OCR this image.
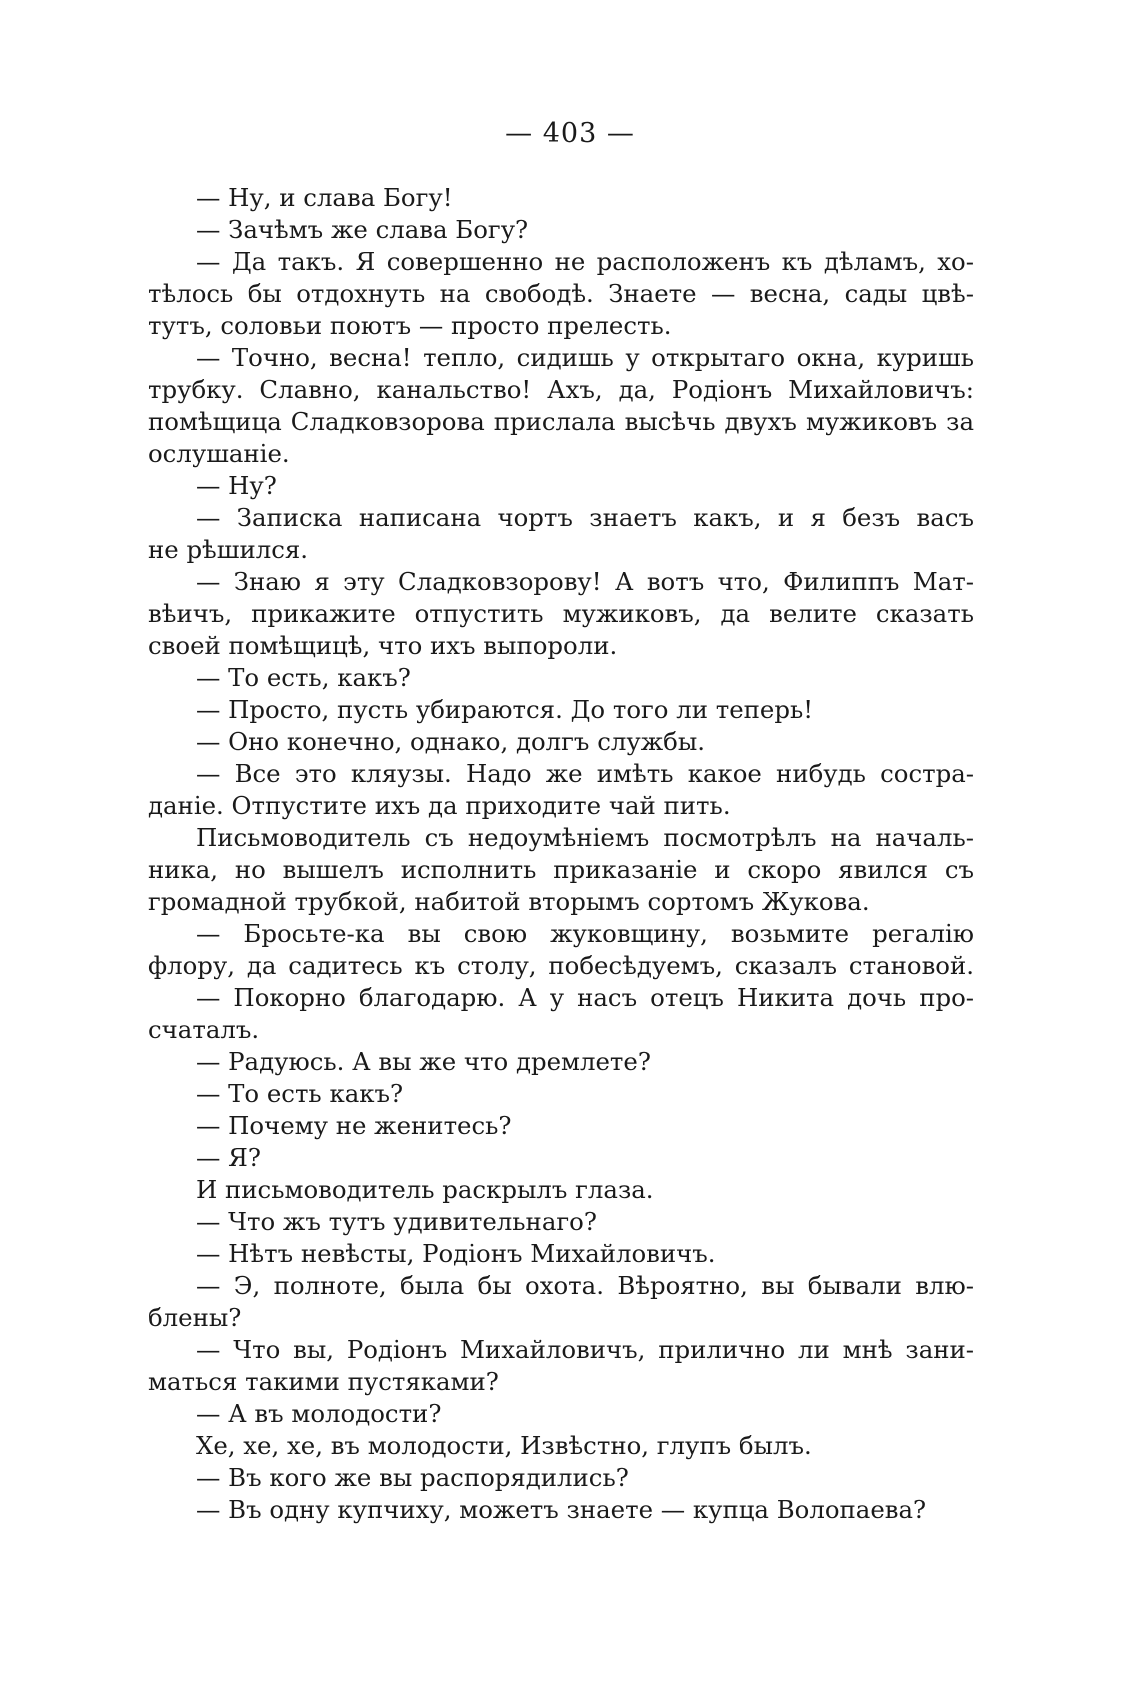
— 403 —
— Ну, и слава Богу!
— Зачѣмъ же слава Богу?
— Да такъ. Я совершенно не расположенъ къ дѣламъ, хо-
тѣлось бы отдохнуть на свободѣ. Знаете — весна, сады цвѣ-
тутъ, соловьи поютъ — просто прелесть.
— Точно, весна! тепло, сидишь у открытаго окна, куришь
трубку. Славно, канальство! Ахъ, да, Родіонъ Михайловичъ:
помѣщица Сладковзорова прислала высѣчь двухъ мужиковъ за
ослушаніе.
— Ну?
— Записка написана чортъ знаетъ какъ, и я безъ васъ
не рѣшился.
— Знаю я эту Сладковзорову! А вотъ что, Филиппъ Мат-
вѣичъ, прикажите отпустить мужиковъ, да велите сказать
своей помѣщицѣ, что ихъ выпороли.
— То есть, какъ?
— Просто, пусть убираются. До того ли теперь!
— Оно конечно, однако, долгъ службы.
— Все это кляузы. Надо же имѣть какое нибудь состра-
даніе. Отпустите ихъ да приходите чай пить.
Письмоводитель съ недоумѣніемъ посмотрѣлъ на началь-
ника, но вышелъ исполнить приказаніе и скоро явился съ
громадной трубкой, набитой вторымъ сортомъ Жукова.
— Бросьте-ка вы свою жуковщину, возьмите регалію
флору, да садитесь къ столу, побесѣдуемъ, сказалъ становой.
— Покорно благодарю. А у насъ отецъ Никита дочь про-
счаталъ.
— Радуюсь. А вы же что дремлете?
— То есть какъ?
— Почему не женитесь?
— Я?
И письмоводитель раскрылъ глаза.
— Что жъ тутъ удивительнаго?
— Нѣтъ невѣсты, Родіонъ Михайловичъ.
— Э, полноте, была бы охота. Вѣроятно, вы бывали влю-
блены?
— Что вы, Родіонъ Михайловичъ, прилично ли мнѣ зани-
маться такими пустяками?
— А въ молодости?
Хе, хе, хе, въ молодости, Извѣстно, глупъ былъ.
— Въ кого же вы распорядились?
— Въ одну купчиху, можетъ знаете — купца Волопаева?
